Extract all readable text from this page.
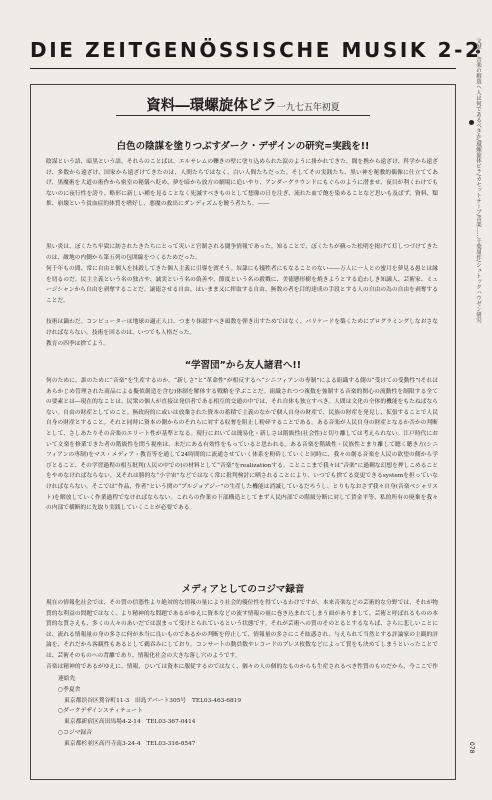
文献● 音楽の解放へ人は何であるべきか/環螺旋体ビラ/カセットテープ/音楽……千葉周作/シュトックハウゼン研究
DIE ZEITGENÖSSISCHE MUSIK 2-2
資料―環螺旋体ビラ一九七五年初夏
白色の陰謀を塗りつぶすダーク・デザインの研究=実践を!!

陰謀という語、暗黒という語、それらのことばは、エルサレムの轢きの壁に塗り込められた涙のように掛かれてきた。闇を携から遠ざけ、科学から遠ざけ、多数から遠ざけ、国家から遠ざけてきたのは、人間たちではなく、白い人間たちだった。そしてその実践たち、黒い神を秘教的偶像に仕立ててあげ、黒魔術を大道の術作から密室の秘儀へ貶め、夢を暗から放方の劇場に追いやり、アンダーグラウンドにもぐらのように潜ませ、夜目が利くわけでもないのに夜行性を誇り、略形に新しい種を見ることなく死滅すべきものとして想像の日を注ぎ、流れた血で飽を染めることなど思いも及ばず、資料、類推、崩壊という貧血症的体質を嗜好し、悪魔の救出にダンディズムを饒う者たち。――

黒い炎は、ぼくたち牢獄に紡されたきたちにとって災いと官制される闘争情報であった。知ることで、ぼくたちが蘇った松明を掲げて灯しつづけてきたのは、敵地の内側から第五列の包囲線をつくるためだった。

何千年もの間、常に自由と個人を抹殺してきた個人主義に引導を渡そう。奴隷にも犠牲者にもなることのない――万人に一人との蜜月を夢見る愚とは縁を切るのだ。民主主義という名の独占や、誠実という名の偽善や、節度という名の殺戮に、美徳懸形樹を焼きようとする追わしき知識人、芸術家、ミュージシャンから自由を剥奪することだ。譲徳させる自由、はいまま又に搾取する自由、無数の者を目的達成の手段とする人の自由の為の自由を剥奪することだ。

技術は鍋わだ。コンピューターは地球の適正人口、つまり抹殺すべき頭数を弾き出すためではなく、バリケードを築くためにプログラミングしなおさなければならない。技術を回るのは、いつでも人格だった。

教育の四季は捨てよう。

“学習団”から友人諸君へ!!

何のために、誰のために“音楽”を生産するのか。“新しさ”と“革命性”が相反するヘ“シニフィアンの専制”による組織する側の“受けての受動性”(それはあらかじめ管理された商品による擬似創造を含む)体制を解体する戦略を学ぶことだ。組織されつつ複数を強制する音楽的関心の流動性を制限する全ての要素とは―現在的なことは、民衆の個人が直接は発信者である相互的交通の中では、それ自体も独立すべき。人間は文化の全体的機能をもたねばならない。自由の財産としてのこと。無政府的に或いは放棄された資本の蓄積で主義のなかで個人自身の財産で、民族の財産を発見し、拡張することで人民自身の財産とすること。それと同時に資本の側からのそれらに対する収奪を阻止し粉碎することである。ある音楽が人民自身の財産となるか否かの判断として、さしあたりその音楽のエリート性が基準となる。現行においては簡易化・新しさは階級性(社会性)と切り離しては考えられない。江戸時代において文楽を修業できた者の階級性を問う視座は、未だにある有効性をもっていると思われる。ある音楽を階級性・民族性とまり離して聴く聴き方(シニフィアンの専制)をマス・メディア・教育等を通して24時間的に流通させていく体系を粉砕していくと同時に、我々の創る音楽を人民の欲望の側から学びとること、その学習過程の相互批判(人民の中での)の材料として“音楽”をrealizationする。ことここまで我々は“音楽”に過剰な幻想を押しこめることをやめなければならない。又それは勝的な“小宇宙”などではなく常に批判検討に晒されることにより、いつでも捨てる変更できるsystemを担っていなければならない。そこでは“作品、作者”という関の“プルジョアジー”の生産した機能は消滅しているだろうし、とりもなおさず我々自身(音楽ペシャリスト)を解放していく作業過程でなければならない。これらの作業の下部構造としてまず人民内部での階級分断に対して賃金平等、私的所有の廃棄を我々の内部で横断的に先取り実践していくことが必要である。

メディアとしてのコジマ録音

現在の情報化社会では、その質の信憑性より絶対的な情報の量により社会的優位性を得ているわけですが、本来音楽などの芸術的な分野では、それが物質的な利益の問題ではなく、より精神的な問題であるがゆえに資本などの流す情報の量に巻き込まれてしまう面がありまして、芸術と呼ばれるものの本質的な質さえも、多くの人々のあいだでは誤まって受けとられているという状態です。それが芸術への質のそのとるとするならば、さらに悲しいことには、流れる情報量の身の多さに何が本当に良いものであるかの判断を停止して、情報量の多さにこそ眩惑され、与えられて当然とする評論家の主観的評論を、それだから客観性もあるとして鵜吞みにしており。コンサートの動員数やレコードのプレス枚数などによって質をも決めてしまうといったことでは、芸術そのものへの背離であり、情報化社会の大きな落し穴のようです。

音楽は精神的であるがゆえに、情報、ひいては資本に服従するのではなく、個々の人の個的なものからも生産されるべき性質のものだから、今ここで作

連絡先
○季夏舎
東京都渋谷区鶯谷町11-3　田島アパート305号　TEL03-463-6819
○ダークデザインスティテュート
東京都新宿区高田馬場4-2-14　TEL03-367-0414
○コジマ録音
東京都杉並区高円寺南3-24-4　TEL03-316-0547	078
